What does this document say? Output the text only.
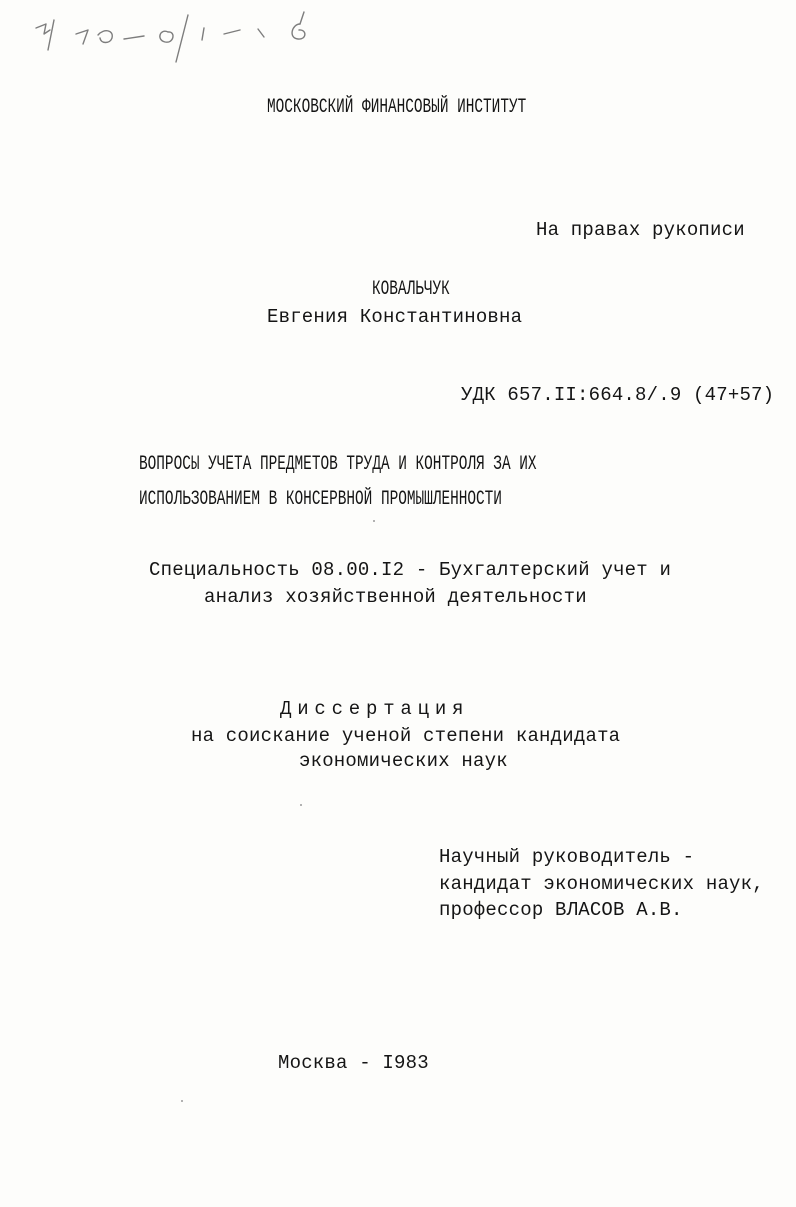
37 83-8/...6
МОСКОВСКИЙ ФИНАНСОВЫЙ ИНСТИТУТ
На правах рукописи
КОВАЛЬЧУК
Евгения Константиновна
УДК 657.II:664.8/.9 (47+57)
ВОПРОСЫ УЧЕТА ПРЕДМЕТОВ ТРУДА И КОНТРОЛЯ ЗА ИХ
ИСПОЛЬЗОВАНИЕМ В КОНСЕРВНОЙ ПРОМЫШЛЕННОСТИ
Специальность 08.00.I2 - Бухгалтерский учет и
анализ хозяйственной деятельности
Диссертация
на соискание ученой степени кандидата
экономических наук
Научный руководитель -
кандидат экономических наук,
профессор ВЛАСОВ А.В.
Москва - I983
